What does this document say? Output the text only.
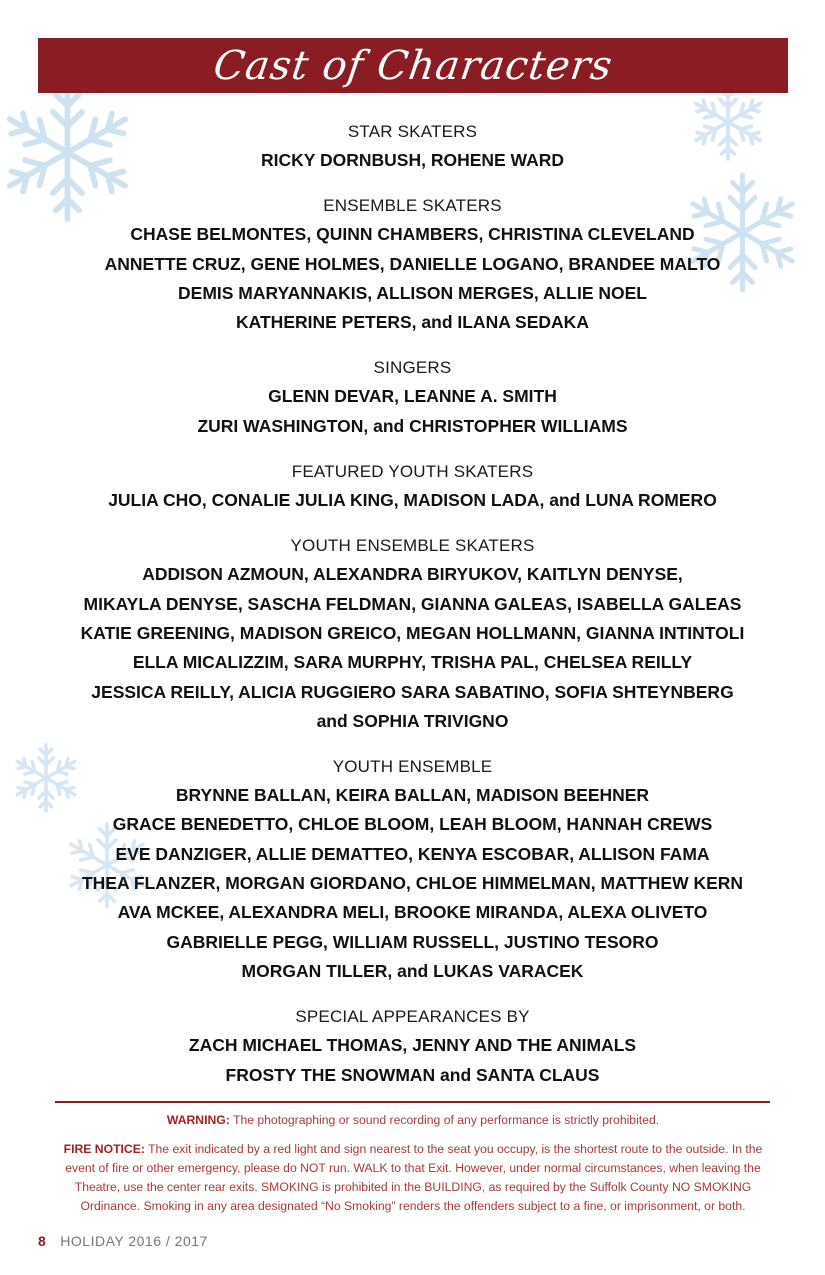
Cast of Characters
STAR SKATERS
RICKY DORNBUSH, ROHENE WARD
ENSEMBLE SKATERS
CHASE BELMONTES, QUINN CHAMBERS, CHRISTINA CLEVELAND
ANNETTE CRUZ, GENE HOLMES, DANIELLE LOGANO, BRANDEE MALTO
DEMIS MARYANNAKIS, ALLISON MERGES, ALLIE NOEL
KATHERINE PETERS, and ILANA SEDAKA
SINGERS
GLENN DEVAR, LEANNE A. SMITH
ZURI WASHINGTON, and CHRISTOPHER WILLIAMS
FEATURED YOUTH SKATERS
JULIA CHO, CONALIE JULIA KING, MADISON LADA, and LUNA ROMERO
YOUTH ENSEMBLE SKATERS
ADDISON AZMOUN, ALEXANDRA BIRYUKOV, KAITLYN DENYSE,
MIKAYLA DENYSE, SASCHA FELDMAN, GIANNA GALEAS, ISABELLA GALEAS
KATIE GREENING, MADISON GREICO, MEGAN HOLLMANN, GIANNA INTINTOLI
ELLA MICALIZZIM, SARA MURPHY, TRISHA PAL, CHELSEA REILLY
JESSICA REILLY, ALICIA RUGGIERO SARA SABATINO, SOFIA SHTEYNBERG
and SOPHIA TRIVIGNO
YOUTH ENSEMBLE
BRYNNE BALLAN, KEIRA BALLAN, MADISON BEEHNER
GRACE BENEDETTO, CHLOE BLOOM, LEAH BLOOM, HANNAH CREWS
EVE DANZIGER, ALLIE DEMATTEO, KENYA ESCOBAR, ALLISON FAMA
THEA FLANZER, MORGAN GIORDANO, CHLOE HIMMELMAN, MATTHEW KERN
AVA MCKEE, ALEXANDRA MELI, BROOKE MIRANDA, ALEXA OLIVETO
GABRIELLE PEGG, WILLIAM RUSSELL, JUSTINO TESORO
MORGAN TILLER, and LUKAS VARACEK
SPECIAL APPEARANCES BY
ZACH MICHAEL THOMAS, JENNY AND THE ANIMALS
FROSTY THE SNOWMAN and SANTA CLAUS
WARNING: The photographing or sound recording of any performance is strictly prohibited.
FIRE NOTICE: The exit indicated by a red light and sign nearest to the seat you occupy, is the shortest route to the outside. In the event of fire or other emergency, please do NOT run. WALK to that Exit. However, under normal circumstances, when leaving the Theatre, use the center rear exits. SMOKING is prohibited in the BUILDING, as required by the Suffolk County NO SMOKING Ordinance. Smoking in any area designated “No Smoking” renders the offenders subject to a fine, or imprisonment, or both.
8 HOLIDAY 2016 / 2017
